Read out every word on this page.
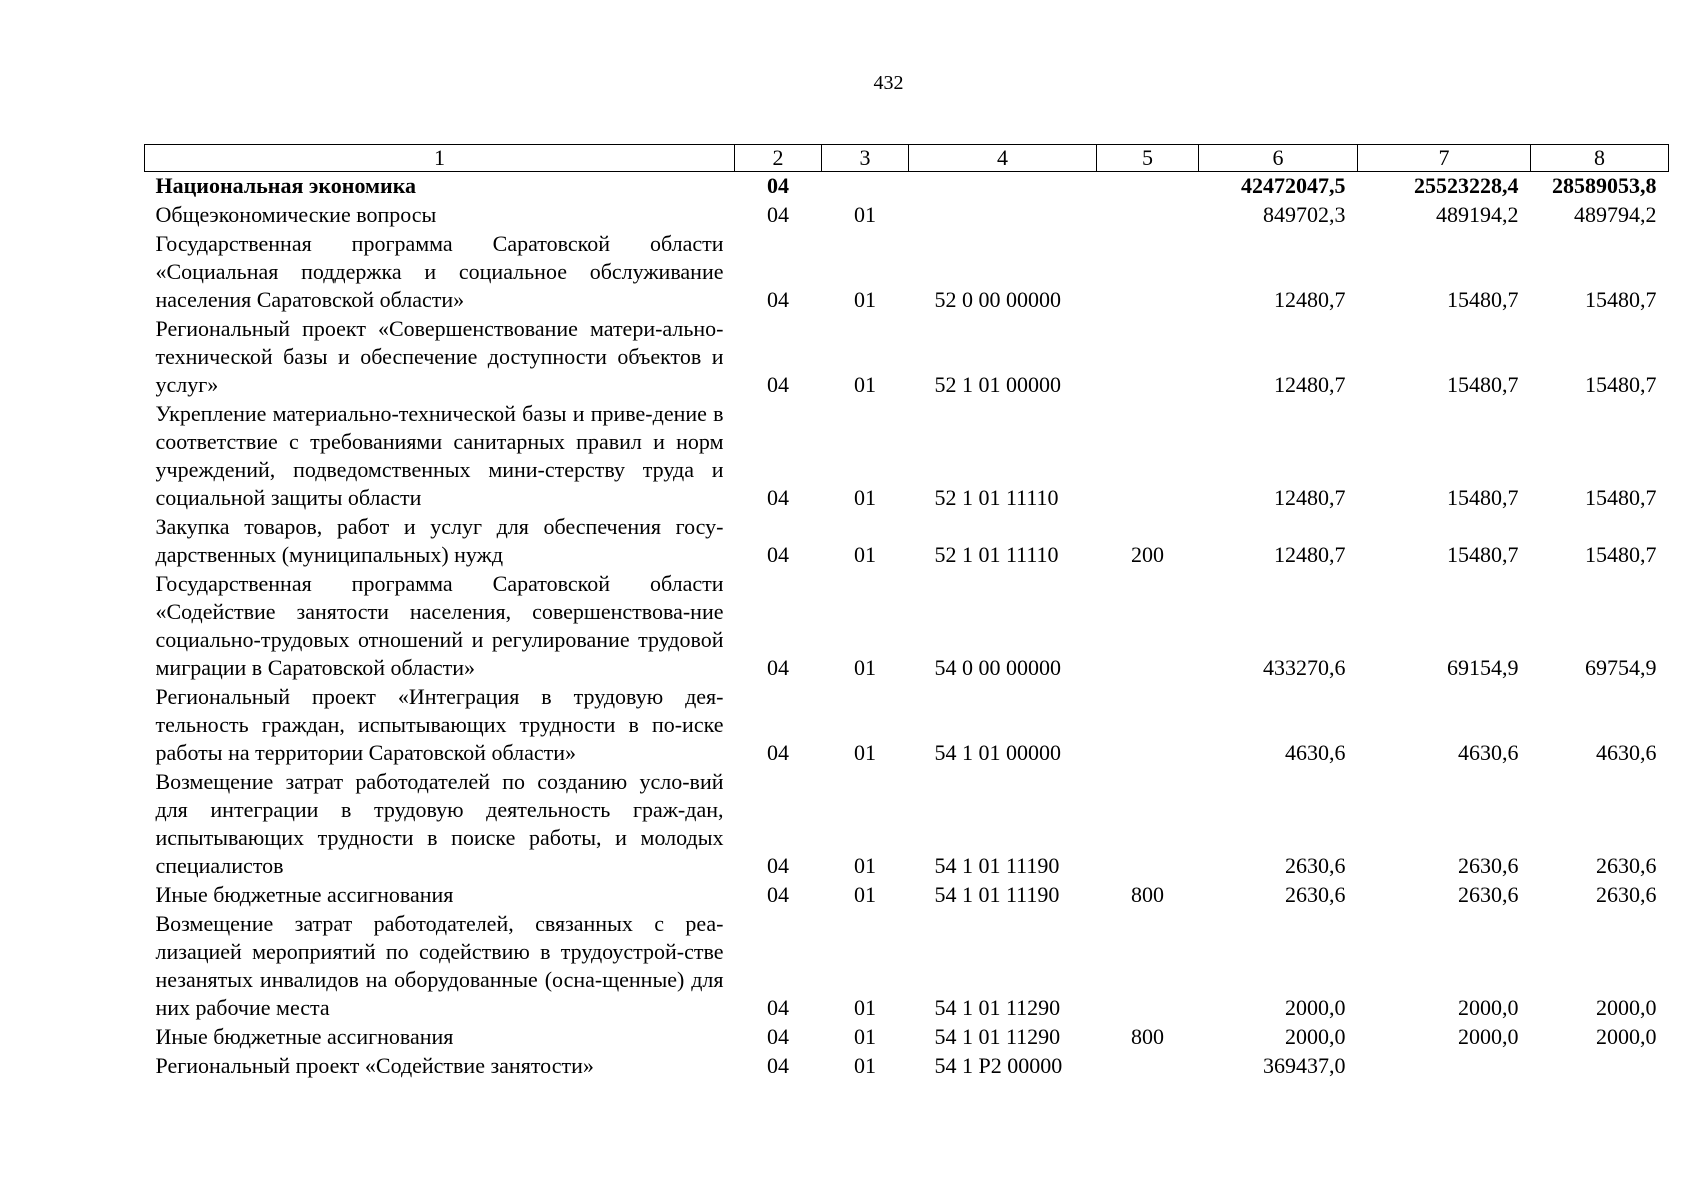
432
1	2	3	4	5	6	7	8
Национальная экономика	04				42472047,5	25523228,4	28589053,8
Общеэкономические вопросы	04	01			849702,3	489194,2	489794,2
Государственная программа Саратовской области «Социальная поддержка и социальное обслуживание населения Саратовской области»	04	01	52 0 00 00000		12480,7	15480,7	15480,7
Региональный проект «Совершенствование матери-ально-технической базы и обеспечение доступности объектов и услуг»	04	01	52 1 01 00000		12480,7	15480,7	15480,7
Укрепление материально-технической базы и приве-дение в соответствие с требованиями санитарных правил и норм учреждений, подведомственных мини-стерству труда и социальной защиты области	04	01	52 1 01 11110		12480,7	15480,7	15480,7
Закупка товаров, работ и услуг для обеспечения госу-дарственных (муниципальных) нужд	04	01	52 1 01 11110	200	12480,7	15480,7	15480,7
Государственная программа Саратовской области «Содействие занятости населения, совершенствова-ние социально-трудовых отношений и регулирование трудовой миграции в Саратовской области»	04	01	54 0 00 00000		433270,6	69154,9	69754,9
Региональный проект «Интеграция в трудовую дея-тельность граждан, испытывающих трудности в по-иске работы на территории Саратовской области»	04	01	54 1 01 00000		4630,6	4630,6	4630,6
Возмещение затрат работодателей по созданию усло-вий для интеграции в трудовую деятельность граж-дан, испытывающих трудности в поиске работы, и молодых специалистов	04	01	54 1 01 11190		2630,6	2630,6	2630,6
Иные бюджетные ассигнования	04	01	54 1 01 11190	800	2630,6	2630,6	2630,6
Возмещение затрат работодателей, связанных с реа-лизацией мероприятий по содействию в трудоустрой-стве незанятых инвалидов на оборудованные (осна-щенные) для них рабочие места	04	01	54 1 01 11290		2000,0	2000,0	2000,0
Иные бюджетные ассигнования	04	01	54 1 01 11290	800	2000,0	2000,0	2000,0
Региональный проект «Содействие занятости»	04	01	54 1 Р2 00000		369437,0		
